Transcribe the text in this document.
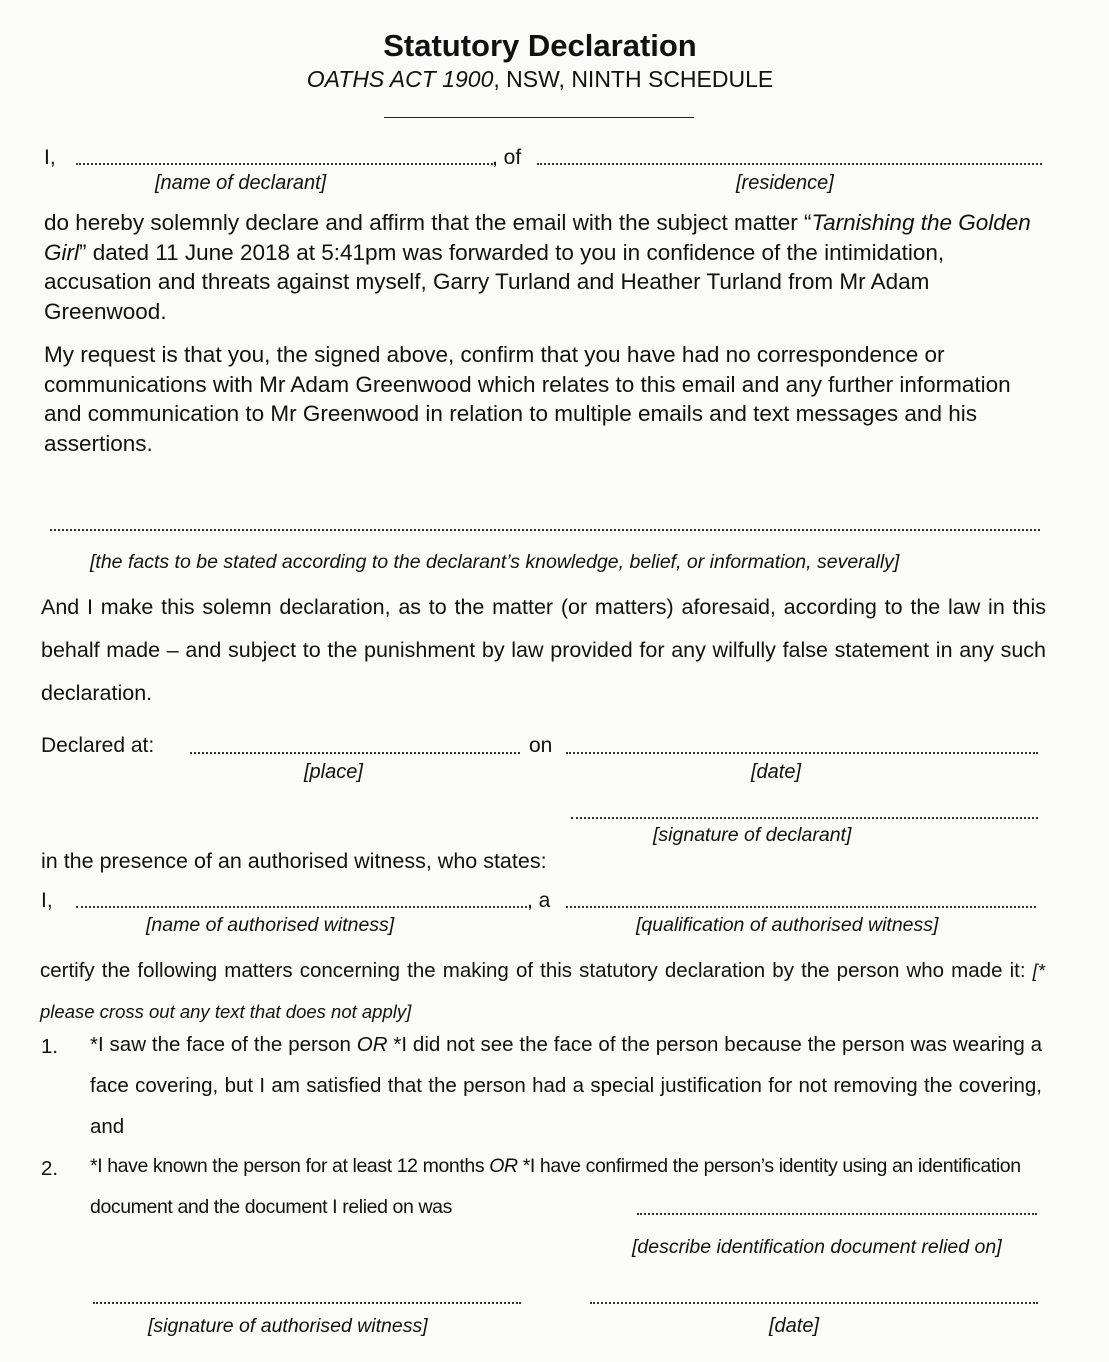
Statutory Declaration
OATHS ACT 1900, NSW, NINTH SCHEDULE
I,	, of
[name of declarant]	[residence]

do hereby solemnly declare and affirm that the email with the subject matter “Tarnishing the Golden Girl” dated 11 June 2018 at 5:41pm was forwarded to you in confidence of the intimidation, accusation and threats against myself, Garry Turland and Heather Turland from Mr Adam Greenwood.

My request is that you, the signed above, confirm that you have had no correspondence or communications with Mr Adam Greenwood which relates to this email and any further information and communication to Mr Greenwood in relation to multiple emails and text messages and his assertions.

[the facts to be stated according to the declarant’s knowledge, belief, or information, severally]
And I make this solemn declaration, as to the matter (or matters) aforesaid, according to the law in this behalf made – and subject to the punishment by law provided for any wilfully false statement in any such declaration.
Declared at:	on
[place]	[date]
[signature of declarant]
in the presence of an authorised witness, who states:
I,	, a
[name of authorised witness]	[qualification of authorised witness]
certify the following matters concerning the making of this statutory declaration by the person who made it: [* please cross out any text that does not apply]
1. *I saw the face of the person OR *I did not see the face of the person because the person was wearing a face covering, but I am satisfied that the person had a special justification for not removing the covering, and
2. *I have known the person for at least 12 months OR *I have confirmed the person’s identity using an identification document and the document I relied on was
[describe identification document relied on]
[signature of authorised witness]	[date]
